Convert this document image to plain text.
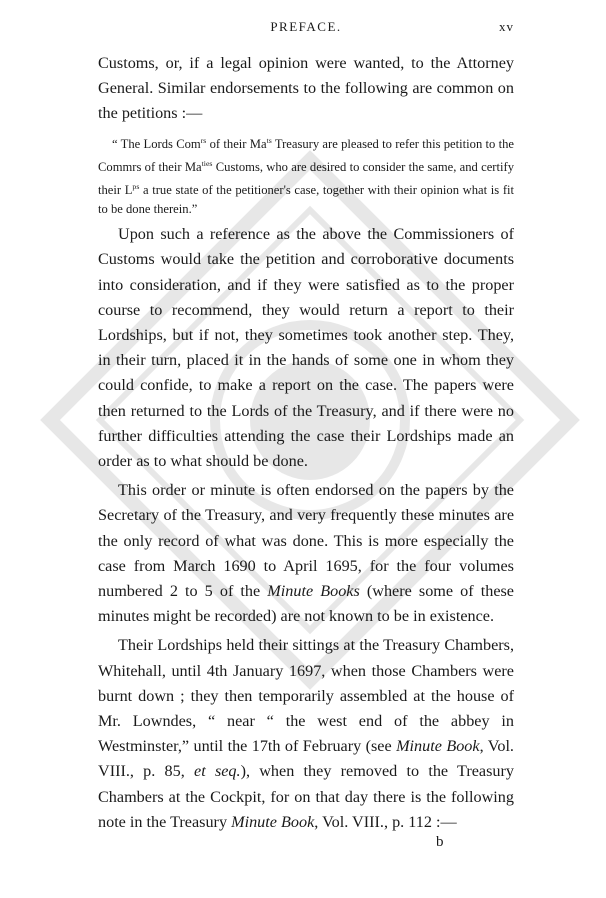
PREFACE.	xv

Customs, or, if a legal opinion were wanted, to the Attorney General. Similar endorsements to the following are common on the petitions :—

“ The Lords Com$^{rs}$ of their $Ma^{ts}$ Treasury are pleased to refer this petition to the Commrs of their $Ma^{ties}$ Customs, who are desired to consider the same, and certify their $L^{ps}$ a true state of the petitioner's case, together with their opinion what is fit to be done therein.”

Upon such a reference as the above the Commissioners of Customs would take the petition and corroborative documents into consideration, and if they were satisfied as to the proper course to recommend, they would return a report to their Lordships, but if not, they sometimes took another step. They, in their turn, placed it in the hands of some one in whom they could confide, to make a report on the case. The papers were then returned to the Lords of the Treasury, and if there were no further difficulties attending the case their Lordships made an order as to what should be done.

This order or minute is often endorsed on the papers by the Secretary of the Treasury, and very frequently these minutes are the only record of what was done. This is more especially the case from March 1690 to April 1695, for the four volumes numbered 2 to 5 of the Minute Books (where some of these minutes might be recorded) are not known to be in existence.

Their Lordships held their sittings at the Treasury Chambers, Whitehall, until 4th January 1697, when those Chambers were burnt down ; they then temporarily assembled at the house of Mr. Lowndes, “ near “ the west end of the abbey in Westminster,” until the 17th of February (see Minute Book, Vol. VIII., p. 85, et seq.), when they removed to the Treasury Chambers at the Cockpit, for on that day there is the following note in the Treasury Minute Book, Vol. VIII., p. 112 :—

b
